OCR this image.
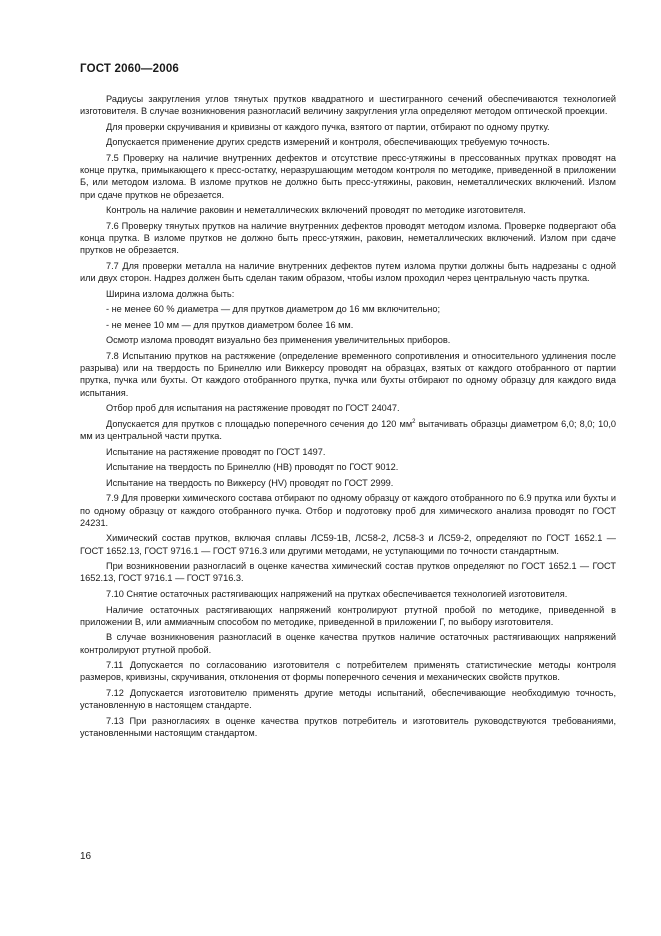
ГОСТ 2060—2006

Радиусы закругления углов тянутых прутков квадратного и шестигранного сечений обеспечиваются технологией изготовителя. В случае возникновения разногласий величину закругления угла определяют методом оптической проекции.

Для проверки скручивания и кривизны от каждого пучка, взятого от партии, отбирают по одному прутку.

Допускается применение других средств измерений и контроля, обеспечивающих требуемую точность.

7.5 Проверку на наличие внутренних дефектов и отсутствие пресс-утяжины в прессованных прутках проводят на конце прутка, примыкающего к пресс-остатку, неразрушающим методом контроля по методике, приведенной в приложении Б, или методом излома. В изломе прутков не должно быть пресс-утяжины, раковин, неметаллических включений. Излом при сдаче прутков не обрезается.

Контроль на наличие раковин и неметаллических включений проводят по методике изготовителя.

7.6 Проверку тянутых прутков на наличие внутренних дефектов проводят методом излома. Проверке подвергают оба конца прутка. В изломе прутков не должно быть пресс-утяжин, раковин, неметаллических включений. Излом при сдаче прутков не обрезается.

7.7 Для проверки металла на наличие внутренних дефектов путем излома прутки должны быть надрезаны с одной или двух сторон. Надрез должен быть сделан таким образом, чтобы излом проходил через центральную часть прутка.

Ширина излома должна быть:

- не менее 60 % диаметра — для прутков диаметром до 16 мм включительно;

- не менее 10 мм — для прутков диаметром более 16 мм.

Осмотр излома проводят визуально без применения увеличительных приборов.

7.8 Испытанию прутков на растяжение (определение временного сопротивления и относительного удлинения после разрыва) или на твердость по Бринеллю или Виккерсу проводят на образцах, взятых от каждого отобранного от партии прутка, пучка или бухты. От каждого отобранного прутка, пучка или бухты отбирают по одному образцу для каждого вида испытания.

Отбор проб для испытания на растяжение проводят по ГОСТ 24047.

Допускается для прутков с площадью поперечного сечения до 120 $мм^2$ вытачивать образцы диаметром 6,0; 8,0; 10,0 мм из центральной части прутка.

Испытание на растяжение проводят по ГОСТ 1497.

Испытание на твердость по Бринеллю (НВ) проводят по ГОСТ 9012.

Испытание на твердость по Виккерсу (HV) проводят по ГОСТ 2999.

7.9 Для проверки химического состава отбирают по одному образцу от каждого отобранного по 6.9 прутка или бухты и по одному образцу от каждого отобранного пучка. Отбор и подготовку проб для химического анализа проводят по ГОСТ 24231.

Химический состав прутков, включая сплавы ЛС59-1В, ЛС58-2, ЛС58-3 и ЛС59-2, определяют по ГОСТ 1652.1 — ГОСТ 1652.13, ГОСТ 9716.1 — ГОСТ 9716.3 или другими методами, не уступающими по точности стандартным.

При возникновении разногласий в оценке качества химический состав прутков определяют по ГОСТ 1652.1 — ГОСТ 1652.13, ГОСТ 9716.1 — ГОСТ 9716.3.

7.10 Снятие остаточных растягивающих напряжений на прутках обеспечивается технологией изготовителя.

Наличие остаточных растягивающих напряжений контролируют ртутной пробой по методике, приведенной в приложении В, или аммиачным способом по методике, приведенной в приложении Г, по выбору изготовителя.

В случае возникновения разногласий в оценке качества прутков наличие остаточных растягивающих напряжений контролируют ртутной пробой.

7.11 Допускается по согласованию изготовителя с потребителем применять статистические методы контроля размеров, кривизны, скручивания, отклонения от формы поперечного сечения и механических свойств прутков.

7.12 Допускается изготовителю применять другие методы испытаний, обеспечивающие необходимую точность, установленную в настоящем стандарте.

7.13 При разногласиях в оценке качества прутков потребитель и изготовитель руководствуются требованиями, установленными настоящим стандартом.

16
